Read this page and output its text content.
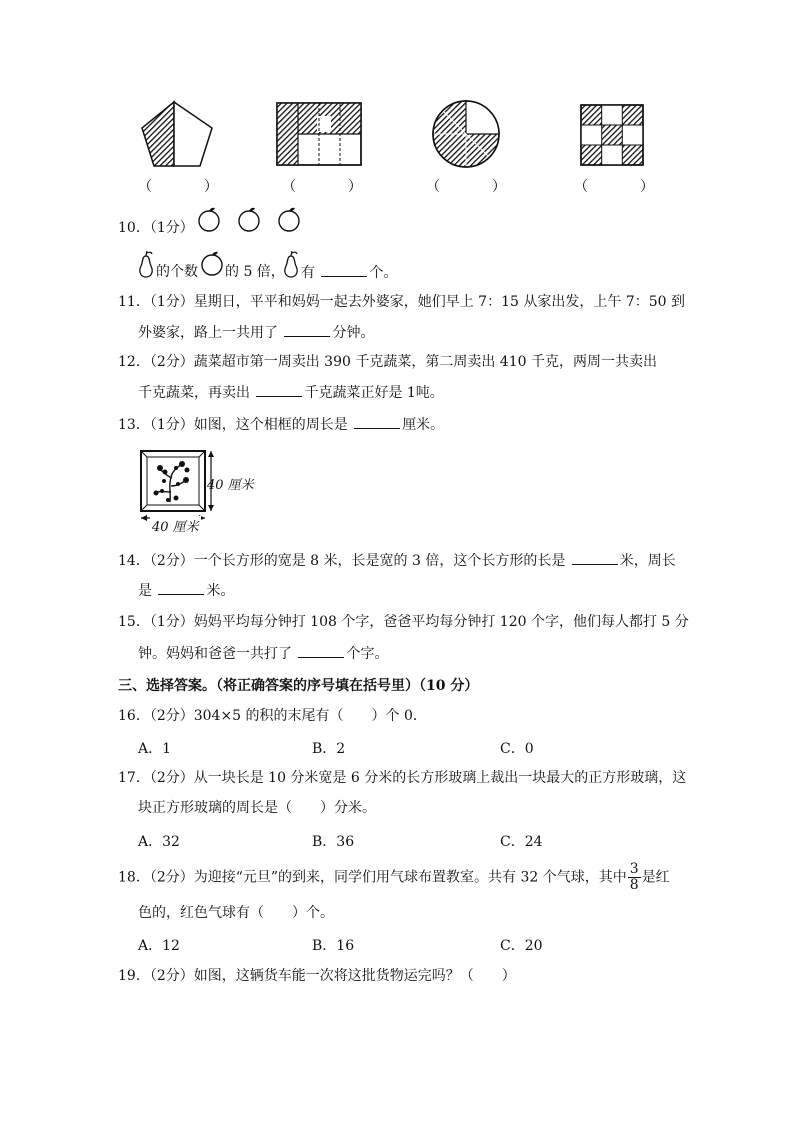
（	）	（	）	（	）	（	）
10．（1分）
的个数 的 5 倍， 有	个。
11．（1分）星期日，平平和妈妈一起去外婆家，她们早上 7：15 从家出发，上午 7：50 到
外婆家，路上一共用了	分钟。
12．（2分）蔬菜超市第一周卖出 390 千克蔬菜，第二周卖出 410 千克，两周一共卖出
千克蔬菜，再卖出	千克蔬菜正好是 1吨。
13．（1分）如图，这个相框的周长是	厘米。
40 厘米
40 厘米
14．（2分）一个长方形的宽是 8 米，长是宽的 3 倍，这个长方形的长是	米，周长
是	米。
15．（1分）妈妈平均每分钟打 108 个字，爸爸平均每分钟打 120 个字，他们每人都打 5 分
钟。妈妈和爸爸一共打了	个字。
三、选择答案。（将正确答案的序号填在括号里）（10 分）
16．（2分）304×5 的积的末尾有（　　）个 0．
A．1	B．2	C．0
17．（2分）从一块长是 10 分米宽是 6 分米的长方形玻璃上裁出一块最大的正方形玻璃，这
块正方形玻璃的周长是（　　）分米。
A．32	B．36	C．24
18．（2分）为迎接“元旦”的到来，同学们用气球布置教室。共有 32 个气球，其中 $\frac{3}{8}$ 是红
色的，红色气球有（　　）个。
A．12	B．16	C．20
19．（2分）如图，这辆货车能一次将这批货物运完吗？（　　）
